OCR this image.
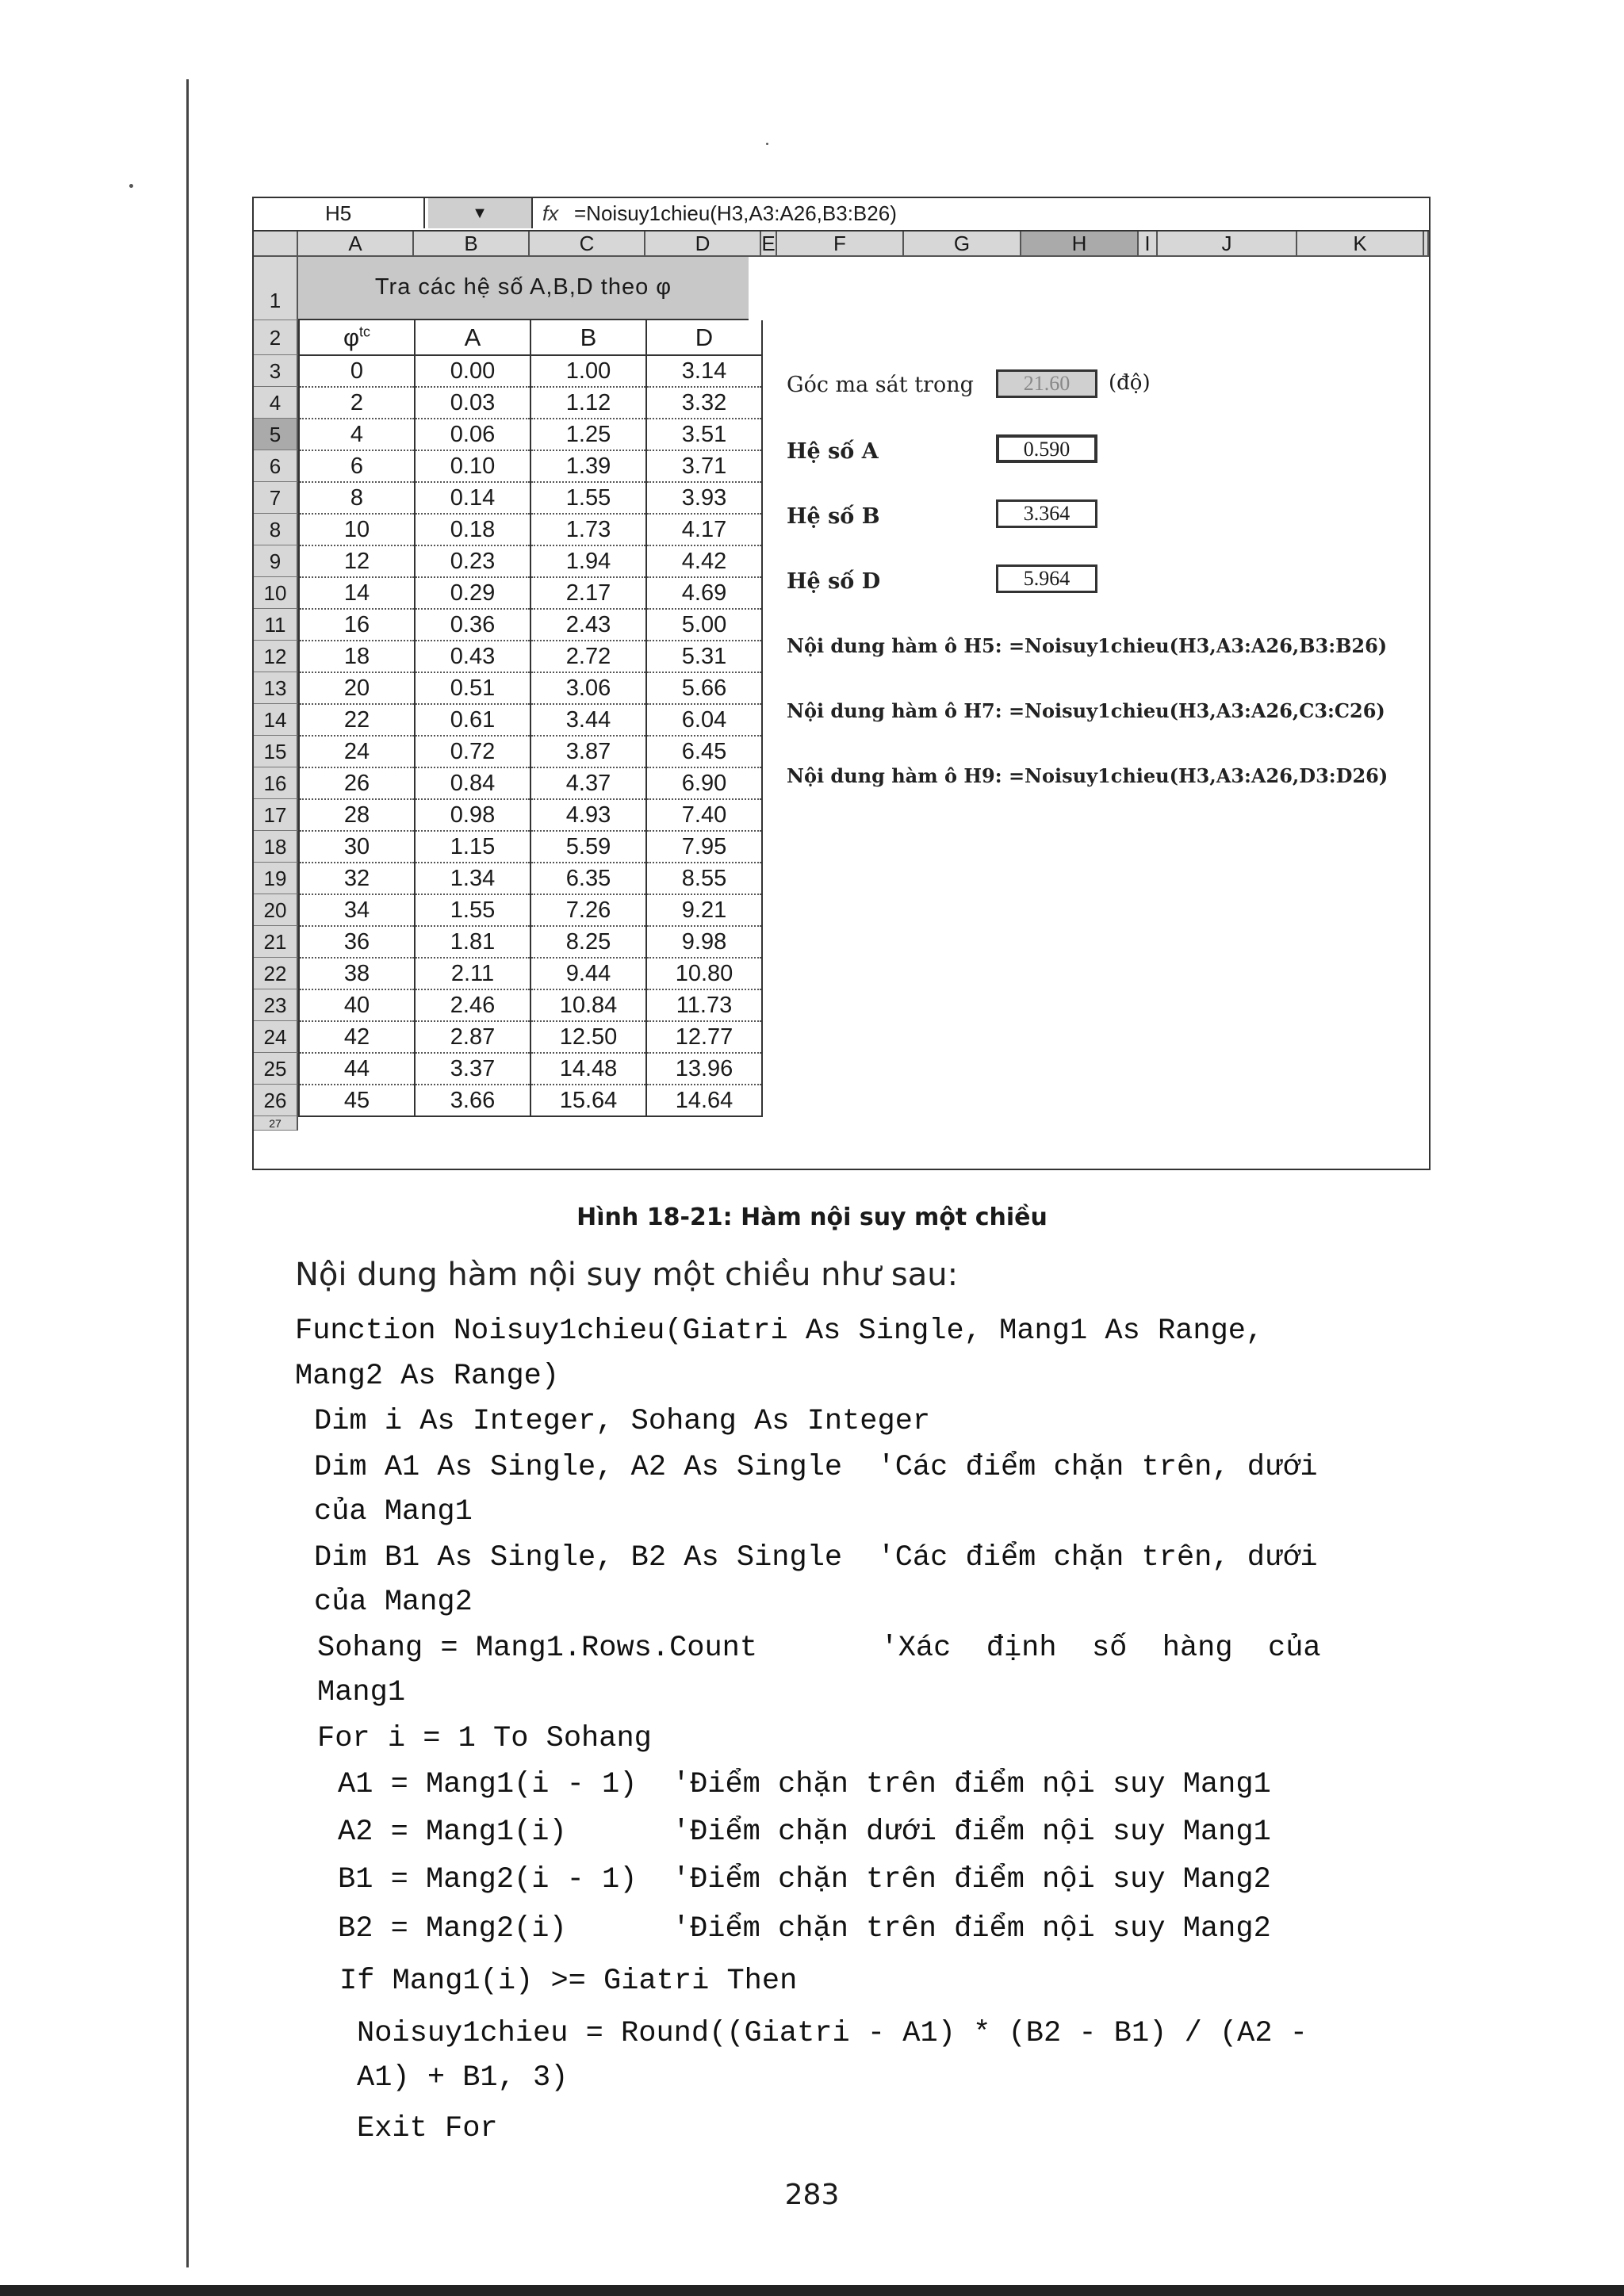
H5	▼	fx =Noisuy1chieu(H3,A3:A26,B3:B26)
A	B	C	D	E	F	G	H	I	J	K
1
2
3
4
5
6
7
8
9
10
11
12
13
14
15
16
17
18
19
20
21
22
23
24
25
26
27
Tra các hệ số A,B,D theo φ
$\varphi^{tc}$	A	B	D
0	0.00	1.00	3.14
2	0.03	1.12	3.32
4	0.06	1.25	3.51
6	0.10	1.39	3.71
8	0.14	1.55	3.93
10	0.18	1.73	4.17
12	0.23	1.94	4.42
14	0.29	2.17	4.69
16	0.36	2.43	5.00
18	0.43	2.72	5.31
20	0.51	3.06	5.66
22	0.61	3.44	6.04
24	0.72	3.87	6.45
26	0.84	4.37	6.90
28	0.98	4.93	7.40
30	1.15	5.59	7.95
32	1.34	6.35	8.55
34	1.55	7.26	9.21
36	1.81	8.25	9.98
38	2.11	9.44	10.80
40	2.46	10.84	11.73
42	2.87	12.50	12.77
44	3.37	14.48	13.96
45	3.66	15.64	14.64
Góc ma sát trong	21.60	(độ)
Hệ số A	0.590
Hệ số B	3.364
Hệ số D	5.964
Nội dung hàm ô H5: =Noisuy1chieu(H3,A3:A26,B3:B26)
Nội dung hàm ô H7: =Noisuy1chieu(H3,A3:A26,C3:C26)
Nội dung hàm ô H9: =Noisuy1chieu(H3,A3:A26,D3:D26)
Hình 18-21: Hàm nội suy một chiều
Nội dung hàm nội suy một chiều như sau:
Function Noisuy1chieu(Giatri As Single, Mang1 As Range,
Mang2 As Range)
Dim i As Integer, Sohang As Integer
Dim A1 As Single, A2 As Single  'Các điểm chặn trên, dưới
của Mang1
Dim B1 As Single, B2 As Single  'Các điểm chặn trên, dưới
của Mang2
Sohang = Mang1.Rows.Count       'Xác  định  số  hàng  của
Mang1
For i = 1 To Sohang
A1 = Mang1(i - 1)  'Điểm chặn trên điểm nội suy Mang1
A2 = Mang1(i)      'Điểm chặn dưới điểm nội suy Mang1
B1 = Mang2(i - 1)  'Điểm chặn trên điểm nội suy Mang2
B2 = Mang2(i)      'Điểm chặn trên điểm nội suy Mang2
If Mang1(i) >= Giatri Then
Noisuy1chieu = Round((Giatri - A1) * (B2 - B1) / (A2 -
A1) + B1, 3)
Exit For
283
